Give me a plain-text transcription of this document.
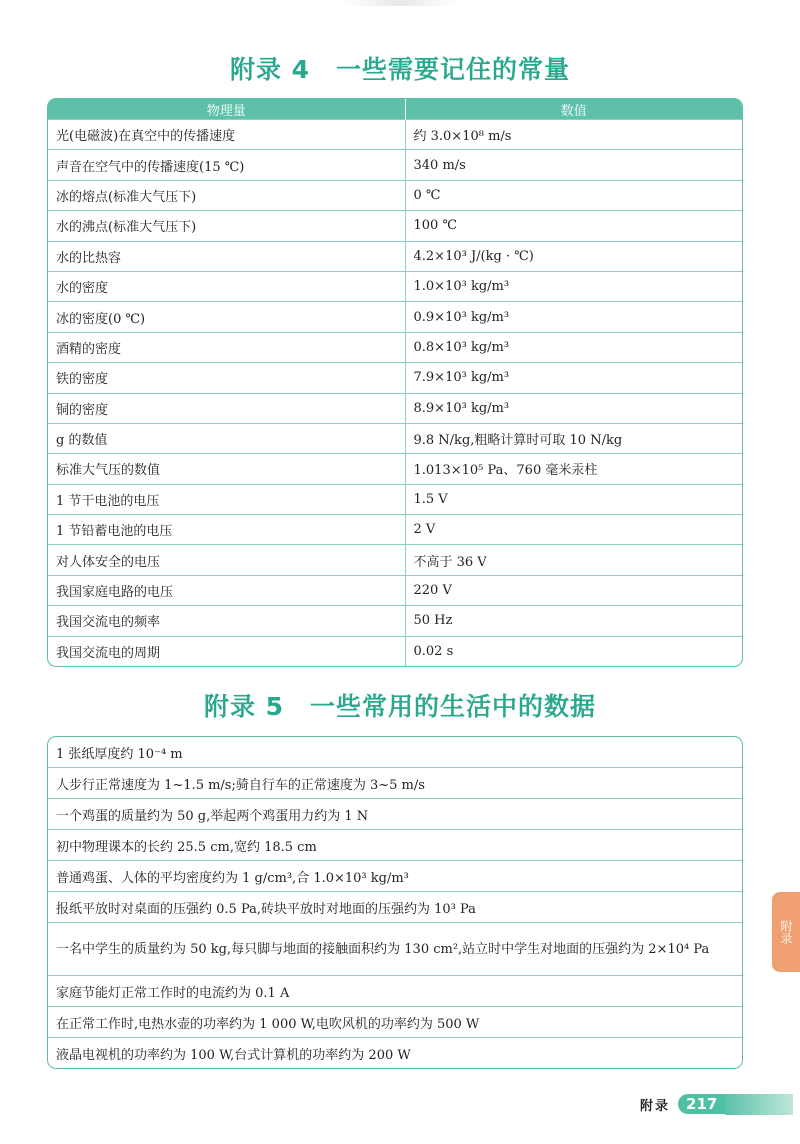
附录 4　一些需要记住的常量
物理量	数值
光(电磁波)在真空中的传播速度	约 3.0×10⁸ m/s
声音在空气中的传播速度(15 ℃)	340 m/s
冰的熔点(标准大气压下)	0 ℃
水的沸点(标准大气压下)	100 ℃
水的比热容	4.2×10³ J/(kg · ℃)
水的密度	1.0×10³ kg/m³
冰的密度(0 ℃)	0.9×10³ kg/m³
酒精的密度	0.8×10³ kg/m³
铁的密度	7.9×10³ kg/m³
铜的密度	8.9×10³ kg/m³
g 的数值	9.8 N/kg,粗略计算时可取 10 N/kg
标准大气压的数值	1.013×10⁵ Pa、760 毫米汞柱
1 节干电池的电压	1.5 V
1 节铅蓄电池的电压	2 V
对人体安全的电压	不高于 36 V
我国家庭电路的电压	220 V
我国交流电的频率	50 Hz
我国交流电的周期	0.02 s
附录 5　一些常用的生活中的数据
1 张纸厚度约 10⁻⁴ m
人步行正常速度为 1~1.5 m/s;骑自行车的正常速度为 3~5 m/s
一个鸡蛋的质量约为 50 g,举起两个鸡蛋用力约为 1 N
初中物理课本的长约 25.5 cm,宽约 18.5 cm
普通鸡蛋、人体的平均密度约为 1 g/cm³,合 1.0×10³ kg/m³
报纸平放时对桌面的压强约 0.5 Pa,砖块平放时对地面的压强约为 10³ Pa
一名中学生的质量约为 50 kg,每只脚与地面的接触面积约为 130 cm²,站立时中学生对地面的压强约为 2×10⁴ Pa
家庭节能灯正常工作时的电流约为 0.1 A
在正常工作时,电热水壶的功率约为 1 000 W,电吹风机的功率约为 500 W
液晶电视机的功率约为 100 W,台式计算机的功率约为 200 W
附录
附录	217
